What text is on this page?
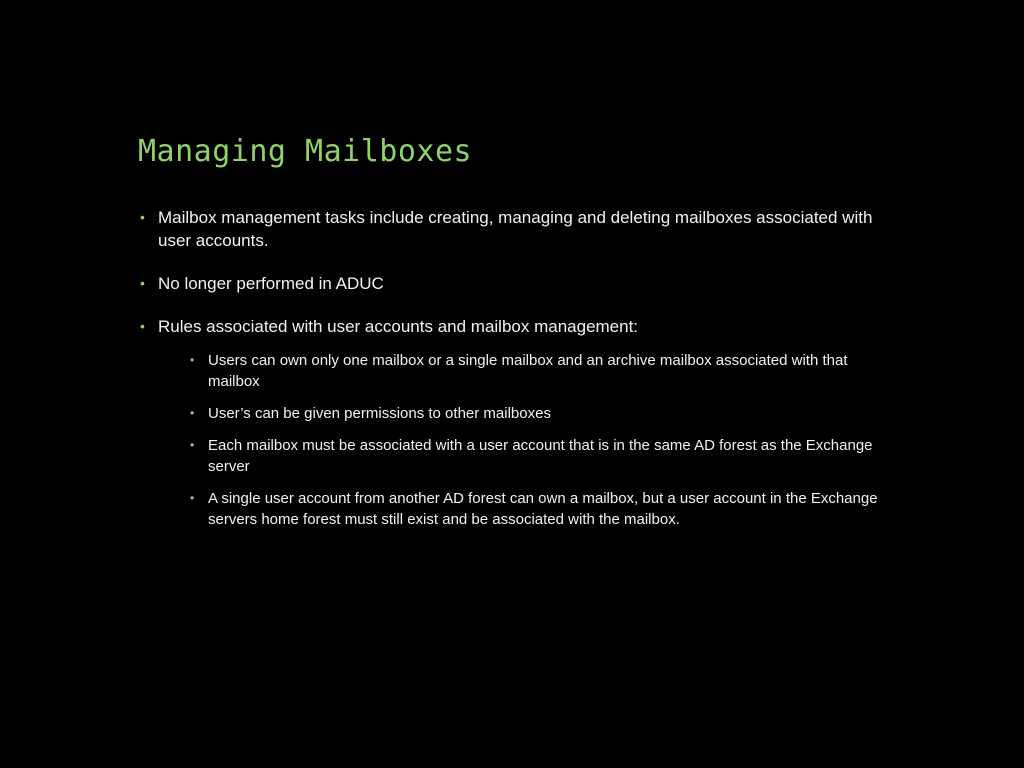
Managing Mailboxes
• Mailbox management tasks include creating, managing and deleting mailboxes associated with user accounts.
• No longer performed in ADUC
• Rules associated with user accounts and mailbox management:
• Users can own only one mailbox or a single mailbox and an archive mailbox associated with that mailbox
• User’s can be given permissions to other mailboxes
• Each mailbox must be associated with a user account that is in the same AD forest as the Exchange server
• A single user account from another AD forest can own a mailbox, but a user account in the Exchange servers home forest must still exist and be associated with the mailbox.
